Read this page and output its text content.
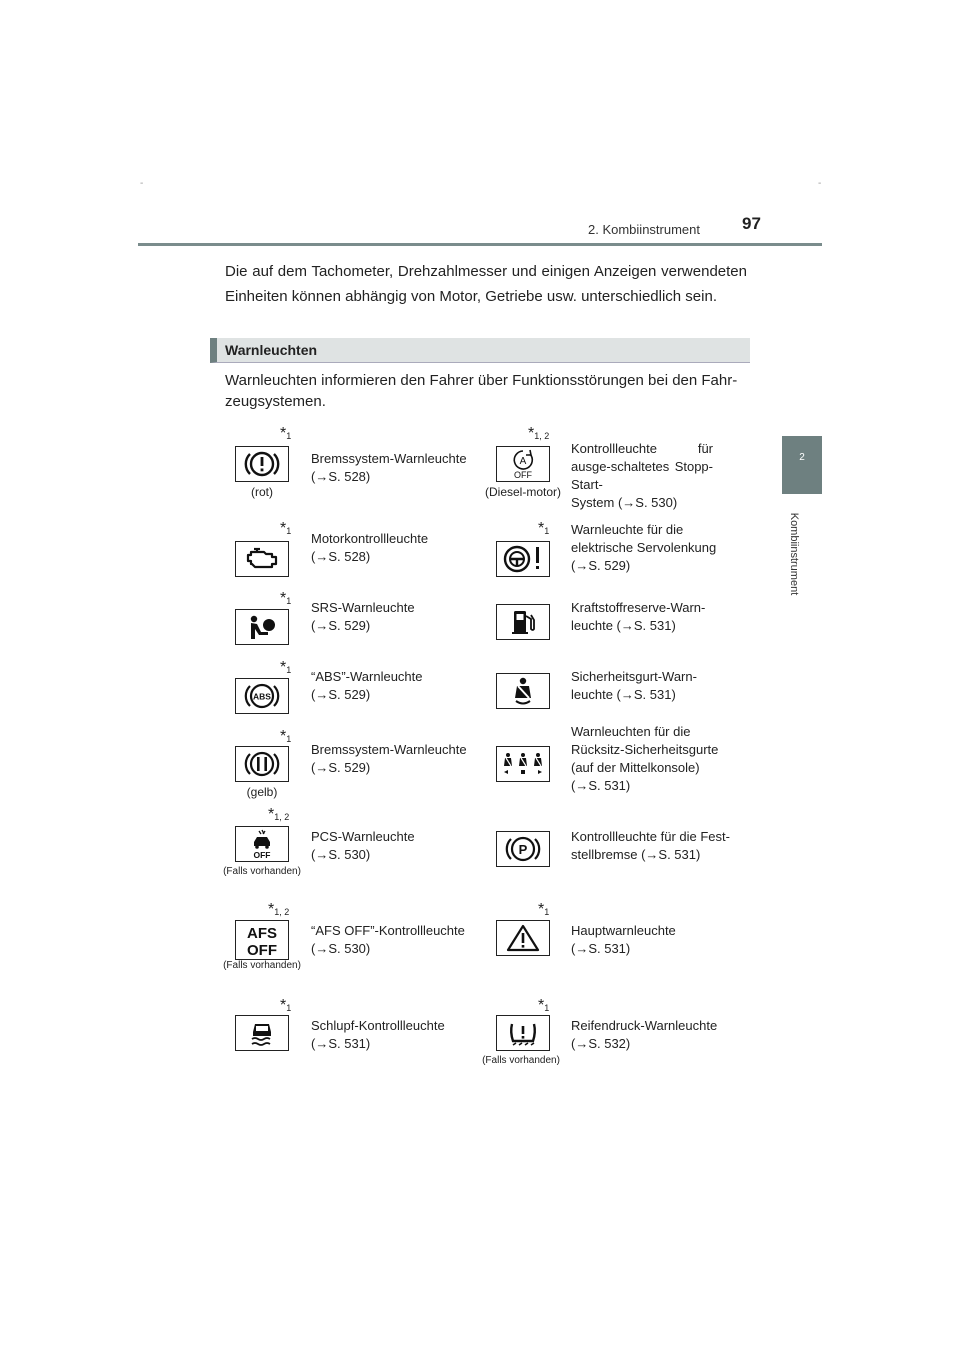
-	-
2. Kombiinstrument 97
2
Kombiinstrument
Die auf dem Tachometer, Drehzahlmesser und einigen Anzeigen verwendeten Einheiten können abhängig von Motor, Getriebe usw. unterschiedlich sein.
Warnleuchten
Warnleuchten informieren den Fahrer über Funktionsstörungen bei den Fahrzeugsystemen.
$*_1$
(rot)
Bremssystem-Warnleuchte
(→S. 528)
$*_{1, 2}$
A
OFF
(Diesel-motor)
Kontrollleuchte für ausge-schaltetes Stopp-Start-
System (→S. 530)
$*_1$ Motorkontrollleuchte
(→S. 528)
$*_1$ Warnleuchte für die elektrische Servolenkung
(→S. 529)
$*_1$ SRS-Warnleuchte
(→S. 529)
Kraftstoffreserve-Warn-
leuchte (→S. 531)
$*_1$
ABS
“ABS”-Warnleuchte
(→S. 529)
Sicherheitsgurt-Warn-
leuchte (→S. 531)
$*_1$
(gelb)
Bremssystem-Warnleuchte
(→S. 529)
Warnleuchten für die Rücksitz-Sicherheitsgurte (auf der Mittelkonsole)
(→S. 531)
$*_{1, 2}$
OFF
(Falls vorhanden)
PCS-Warnleuchte
(→S. 530)	P
Kontrollleuchte für die Fest-
stellbremse (→S. 531)
$*_{1, 2}$
AFS
OFF
(Falls vorhanden)
“AFS OFF”-Kontrollleuchte
(→S. 530)
$*_1$
Hauptwarnleuchte
(→S. 531)
$*_1$
Schlupf-Kontrollleuchte
(→S. 531)
$*_1$
(Falls vorhanden)
Reifendruck-Warnleuchte
(→S. 532)
